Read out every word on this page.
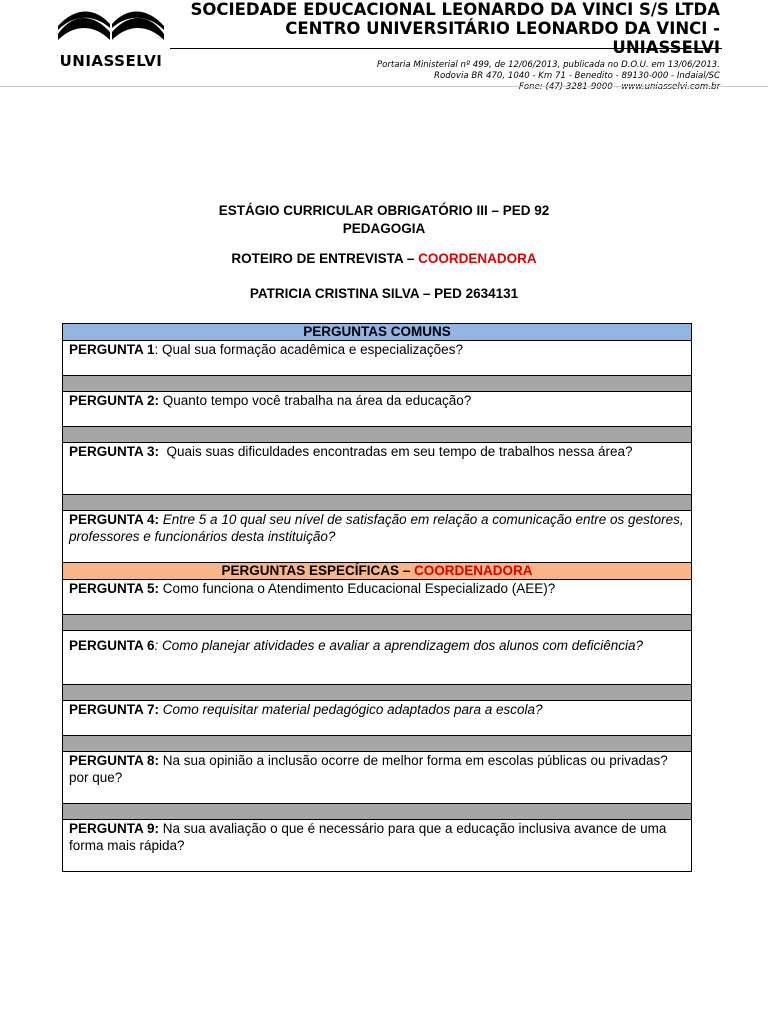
UNIASSELVI
SOCIEDADE EDUCACIONAL LEONARDO DA VINCI S/S LTDA
CENTRO UNIVERSITÁRIO LEONARDO DA VINCI -
UNIASSELVI
Portaria Ministerial nº 499, de 12/06/2013, publicada no D.O.U. em 13/06/2013.
Rodovia BR 470, 1040 - Km 71 - Benedito - 89130-000 - Indaial/SC
Fone: (47) 3281-9000 - www.uniasselvi.com.br
ESTÁGIO CURRICULAR OBRIGATÓRIO III – PED 92
PEDAGOGIA
ROTEIRO DE ENTREVISTA – COORDENADORA
PATRICIA CRISTINA SILVA – PED 2634131
PERGUNTAS COMUNS
PERGUNTA 1: Qual sua formação acadêmica e especializações?

PERGUNTA 2: Quanto tempo você trabalha na área da educação?

PERGUNTA 3: Quais suas dificuldades encontradas em seu tempo de trabalhos nessa área?

PERGUNTA 4: Entre 5 a 10 qual seu nível de satisfação em relação a comunicação entre os gestores, professores e funcionários desta instituição?
PERGUNTAS ESPECÍFICAS – COORDENADORA
PERGUNTA 5: Como funciona o Atendimento Educacional Especializado (AEE)?

PERGUNTA 6: Como planejar atividades e avaliar a aprendizagem dos alunos com deficiência?

PERGUNTA 7: Como requisitar material pedagógico adaptados para a escola?

PERGUNTA 8: Na sua opinião a inclusão ocorre de melhor forma em escolas públicas ou privadas? por que?

PERGUNTA 9: Na sua avaliação o que é necessário para que a educação inclusiva avance de uma forma mais rápida?
